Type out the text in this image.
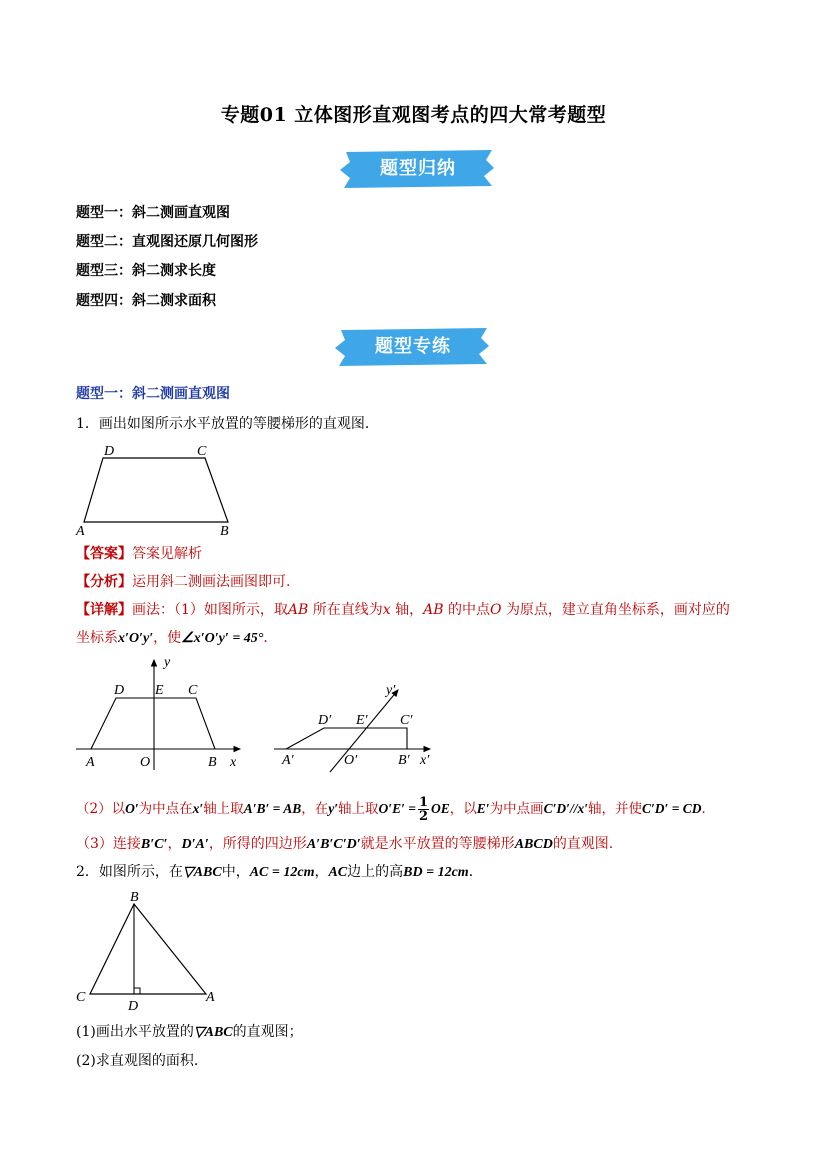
专题01 立体图形直观图考点的四大常考题型
题型归纳
题型一：斜二测画直观图
题型二：直观图还原几何图形
题型三：斜二测求长度
题型四：斜二测求面积
题型专练
题型一：斜二测画直观图
1．画出如图所示水平放置的等腰梯形的直观图．
D	C
A	B
【答案】答案见解析
【分析】运用斜二测画法画图即可.
【详解】画法：（1）如图所示，取AB 所在直线为x 轴，AB 的中点O 为原点，建立直角坐标系，画对应的
坐标系x′O′y′，使∠x′O′y′ = 45°．
y
D E C
A	O	B x
y′
D′ E′ C′
A′	O′	B′ x′
（2）以O′为中点在x′轴上取A′B′ = AB，在y′轴上取$O'E' = \frac{1}{2}$ OE，以E′为中点画C′D′//x′轴，并使C′D′ = CD．
（3）连接B′C′，D′A′，所得的四边形A′B′C′D′就是水平放置的等腰梯形ABCD的直观图.
2．如图所示，在▽ABC中，AC = 12cm，AC边上的高BD = 12cm．
B
C
D
A
(1)画出水平放置的▽ABC的直观图；
(2)求直观图的面积．
